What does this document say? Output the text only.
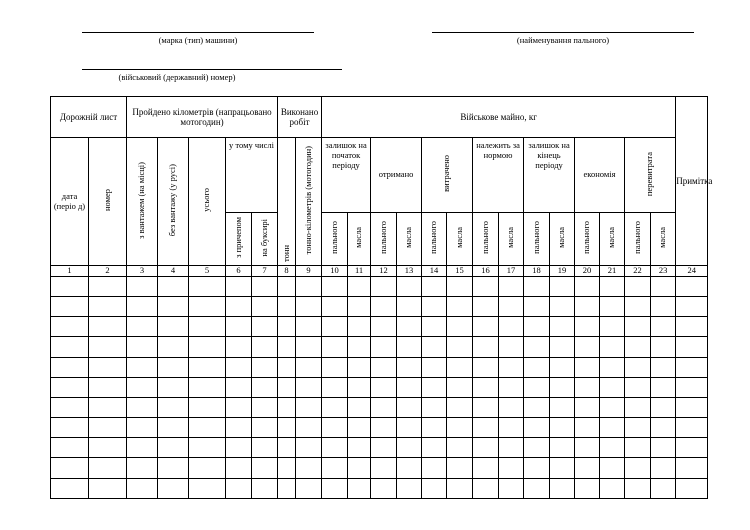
(марка (тип) машини)	(найменування пального)
(військовий (державний) номер)
Дорожній лист		Пройдено кілометрів (напрацьовано мотогодин)					Виконано робіт		Військове майно, кг														Примітка
дата (періо д)	номер	з вантажем (на місці)	без вантажу (у русі)	усього	у тому числі		тонн	тонно-кілометрів (мотогодин)	залишок на початок періоду		отримано		витрачено		належить за нормою		залишок на кінець періоду		економія		перевитрата		
					з причепом	на буксирі			пального	масла	пального	масла	пального	масла	пального	масла	пального	масла	пального	масла	пального	масла	
1	2	3	4	5	6	7	8	9	10	11	12	13	14	15	16	17	18	19	20	21	22	23	24
